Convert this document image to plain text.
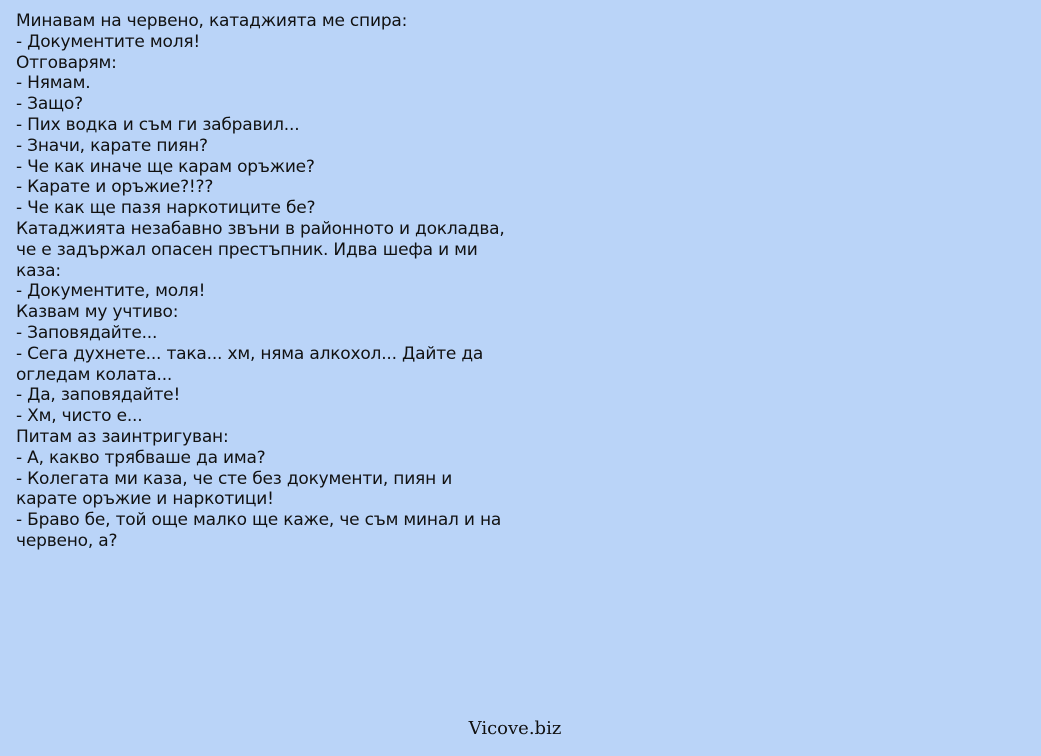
Минавам на червено, катаджията ме спира:
- Документите моля!
Отговарям:
- Нямам.
- Защо?
- Пих водка и съм ги забравил...
- Значи, карате пиян?
- Че как иначе ще карам оръжие?
- Карате и оръжие?!??
- Че как ще пазя наркотиците бе?
Катаджията незабавно звъни в районното и докладва,
че е задържал опасен престъпник. Идва шефа и ми
каза:
- Документите, моля!
Казвам му учтиво:
- Заповядайте...
- Сега духнете... така... хм, няма алкохол... Дайте да
огледам колата...
- Да, заповядайте!
- Хм, чисто е...
Питам аз заинтригуван:
- А, какво трябваше да има?
- Колегата ми каза, че сте без документи, пиян и
карате оръжие и наркотици!
- Браво бе, той още малко ще каже, че съм минал и на
червено, а?
Vicove.biz
